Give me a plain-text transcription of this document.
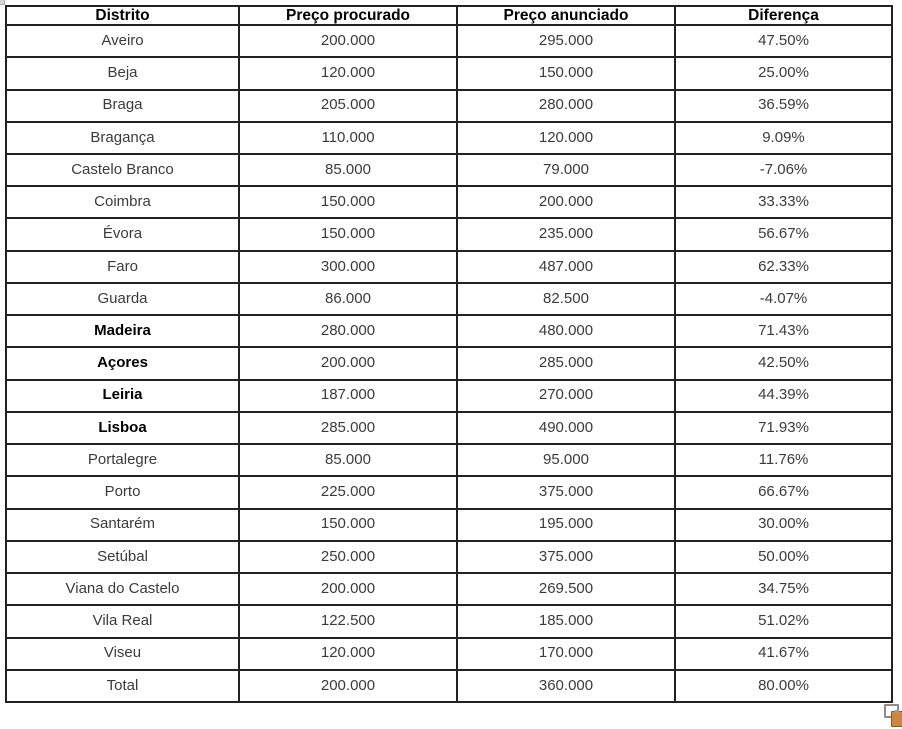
Distrito	Preço procurado	Preço anunciado	Diferença
Aveiro	200.000	295.000	47.50%
Beja	120.000	150.000	25.00%
Braga	205.000	280.000	36.59%
Bragança	110.000	120.000	9.09%
Castelo Branco	85.000	79.000	-7.06%
Coimbra	150.000	200.000	33.33%
Évora	150.000	235.000	56.67%
Faro	300.000	487.000	62.33%
Guarda	86.000	82.500	-4.07%
Madeira	280.000	480.000	71.43%
Açores	200.000	285.000	42.50%
Leiria	187.000	270.000	44.39%
Lisboa	285.000	490.000	71.93%
Portalegre	85.000	95.000	11.76%
Porto	225.000	375.000	66.67%
Santarém	150.000	195.000	30.00%
Setúbal	250.000	375.000	50.00%
Viana do Castelo	200.000	269.500	34.75%
Vila Real	122.500	185.000	51.02%
Viseu	120.000	170.000	41.67%
Total	200.000	360.000	80.00%
